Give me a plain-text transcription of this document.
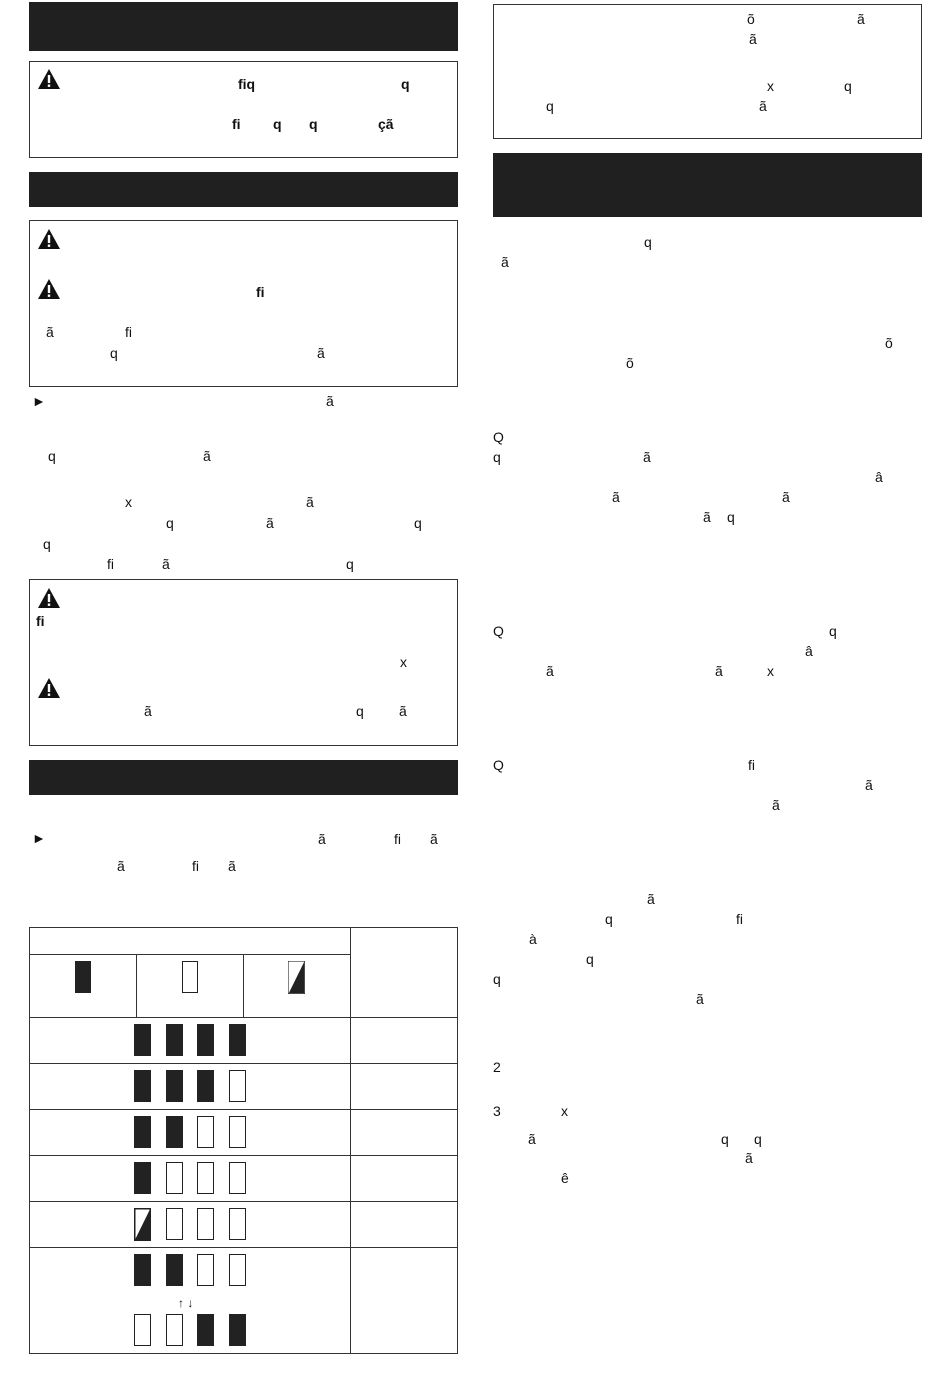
fiq	q
fi q q	çã
fi
ã	fi
q	ã
►	ã
q	ã
x	ã
q	ã	q
q
fi	ã	q
fi
x
ã	q	ã
►	ã	fi ã
ã	fi ã
↑ ↓
õ	ã
ã
x	q
q	ã
q
ã
õ
õ
Q
q	ã
â
ã	ã
ã q
Q	q
â
ã	ã	x
Q	fi
ã
ã
ã
q	fi
à
q
q
ã
2
3	x
ã	q q
ã
ê
